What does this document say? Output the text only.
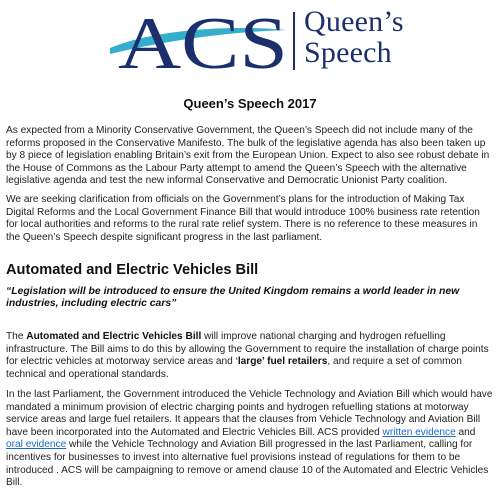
ACS Queen’s
Speech
Queen’s Speech 2017

As expected from a Minority Conservative Government, the Queen’s Speech did not include many of the reforms proposed in the Conservative Manifesto. The bulk of the legislative agenda has also been taken up by 8 piece of legislation enabling Britain’s exit from the European Union. Expect to also see robust debate in the House of Commons as the Labour Party attempt to amend the Queen’s Speech with the alternative legislative agenda and test the new informal Conservative and Democratic Unionist Party coalition.

We are seeking clarification from officials on the Government’s plans for the introduction of Making Tax Digital Reforms and the Local Government Finance Bill that would introduce 100% business rate retention for local authorities and reforms to the rural rate relief system. There is no reference to these measures in the Queen’s Speech despite significant progress in the last parliament.

Automated and Electric Vehicles Bill
“Legislation will be introduced to ensure the United Kingdom remains a world leader in new industries, including electric cars”

The Automated and Electric Vehicles Bill will improve national charging and hydrogen refuelling infrastructure. The Bill aims to do this by allowing the Government to require the installation of charge points for electric vehicles at motorway service areas and ‘large’ fuel retailers, and require a set of common technical and operational standards.

In the last Parliament, the Government introduced the Vehicle Technology and Aviation Bill which would have mandated a minimum provision of electric charging points and hydrogen refuelling stations at motorway service areas and large fuel retailers. It appears that the clauses from Vehicle Technology and Aviation Bill have been incorporated into the Automated and Electric Vehicles Bill. ACS provided written evidence and oral evidence while the Vehicle Technology and Aviation Bill progressed in the last Parliament, calling for incentives for businesses to invest into alternative fuel provisions instead of regulations for them to be introduced . ACS will be campaigning to remove or amend clause 10 of the Automated and Electric Vehicles Bill.
